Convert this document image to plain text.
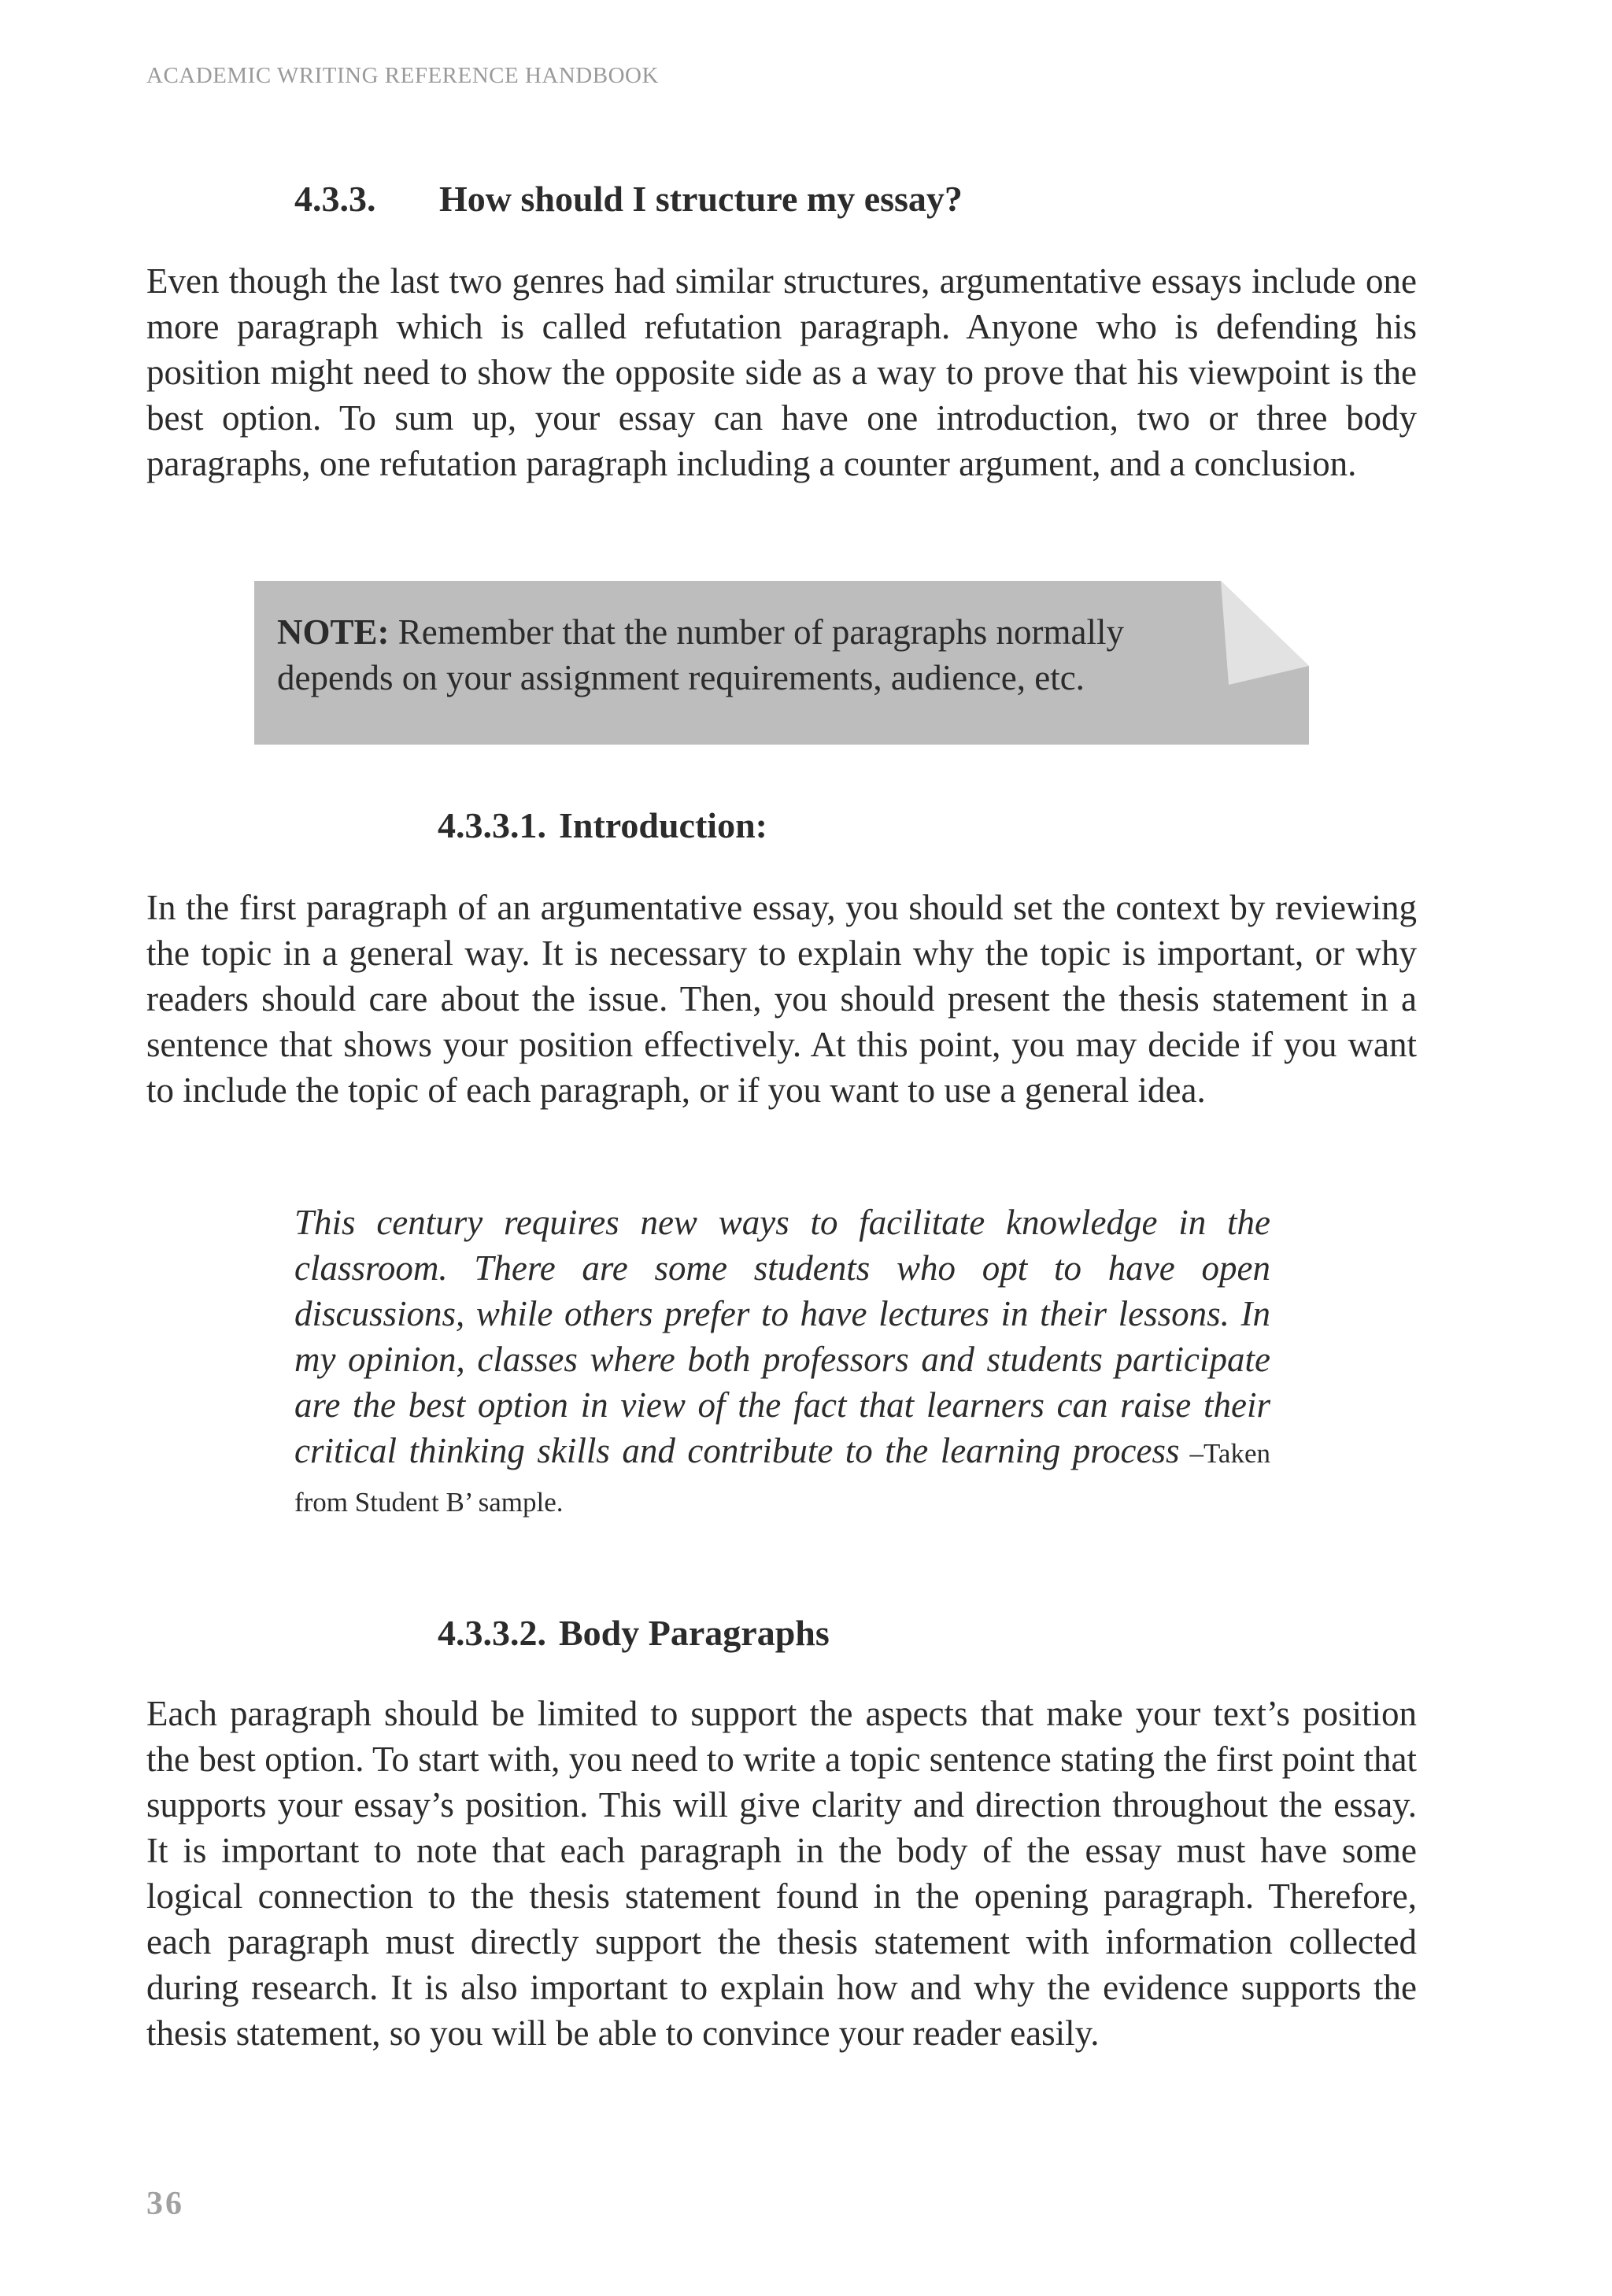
ACADEMIC WRITING REFERENCE HANDBOOK
4.3.3. How should I structure my essay?

Even though the last two genres had similar structures, argumentative essays include one more paragraph which is called refutation paragraph. Anyone who is defending his position might need to show the opposite side as a way to prove that his viewpoint is the best option. To sum up, your essay can have one introduction, two or three body paragraphs, one refutation paragraph including a counter argument, and a conclusion.

NOTE: Remember that the number of paragraphs normally depends on your assignment requirements, audience, etc.

4.3.3.1. Introduction:

In the first paragraph of an argumentative essay, you should set the context by reviewing the topic in a general way. It is necessary to explain why the topic is important, or why readers should care about the issue. Then, you should present the thesis statement in a sentence that shows your position effectively. At this point, you may decide if you want to include the topic of each paragraph, or if you want to use a general idea.

This century requires new ways to facilitate knowledge in the classroom. There are some students who opt to have open discussions, while others prefer to have lectures in their lessons. In my opinion, classes where both professors and students participate are the best option in view of the fact that learners can raise their critical thinking skills and contribute to the learning process –Taken from Student B’ sample.

4.3.3.2. Body Paragraphs

Each paragraph should be limited to support the aspects that make your text’s position the best option. To start with, you need to write a topic sentence stating the first point that supports your essay’s position. This will give clarity and direction throughout the essay. It is important to note that each paragraph in the body of the essay must have some logical connection to the thesis statement found in the opening paragraph. Therefore, each paragraph must directly support the thesis statement with information collected during research. It is also important to explain how and why the evidence supports the thesis statement, so you will be able to convince your reader easily.

36
